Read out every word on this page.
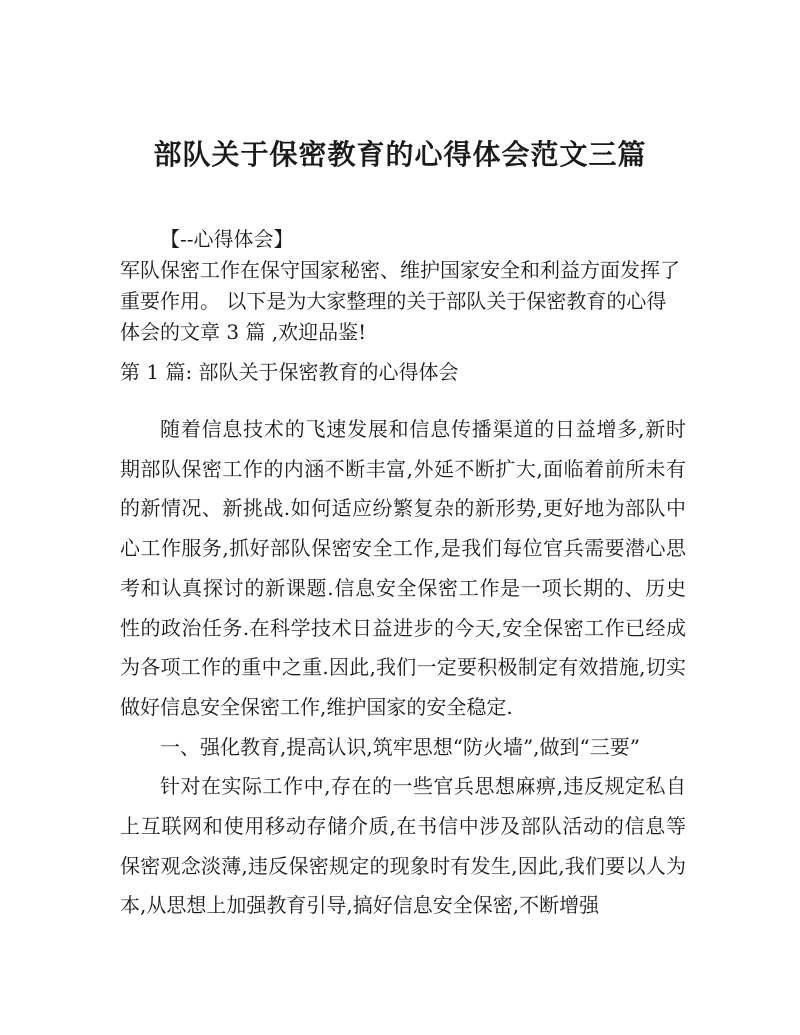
部队关于保密教育的心得体会范文三篇
【--心得体会】
军队保密工作在保守国家秘密、维护国家安全和利益方面发挥了重要作用。 以下是为大家整理的关于部队关于保密教育的心得体会的文章 3 篇 ,欢迎品鉴!
第 1 篇: 部队关于保密教育的心得体会

随着信息技术的飞速发展和信息传播渠道的日益增多,新时期部队保密工作的内涵不断丰富,外延不断扩大,面临着前所未有的新情况、新挑战.如何适应纷繁复杂的新形势,更好地为部队中心工作服务,抓好部队保密安全工作,是我们每位官兵需要潜心思考和认真探讨的新课题.信息安全保密工作是一项长期的、历史性的政治任务.在科学技术日益进步的今天,安全保密工作已经成为各项工作的重中之重.因此,我们一定要积极制定有效措施,切实做好信息安全保密工作,维护国家的安全稳定.

一、强化教育,提高认识,筑牢思想“防火墙”,做到“三要”

针对在实际工作中,存在的一些官兵思想麻痹,违反规定私自上互联网和使用移动存储介质,在书信中涉及部队活动的信息等保密观念淡薄,违反保密规定的现象时有发生,因此,我们要以人为本,从思想上加强教育引导,搞好信息安全保密,不断增强
